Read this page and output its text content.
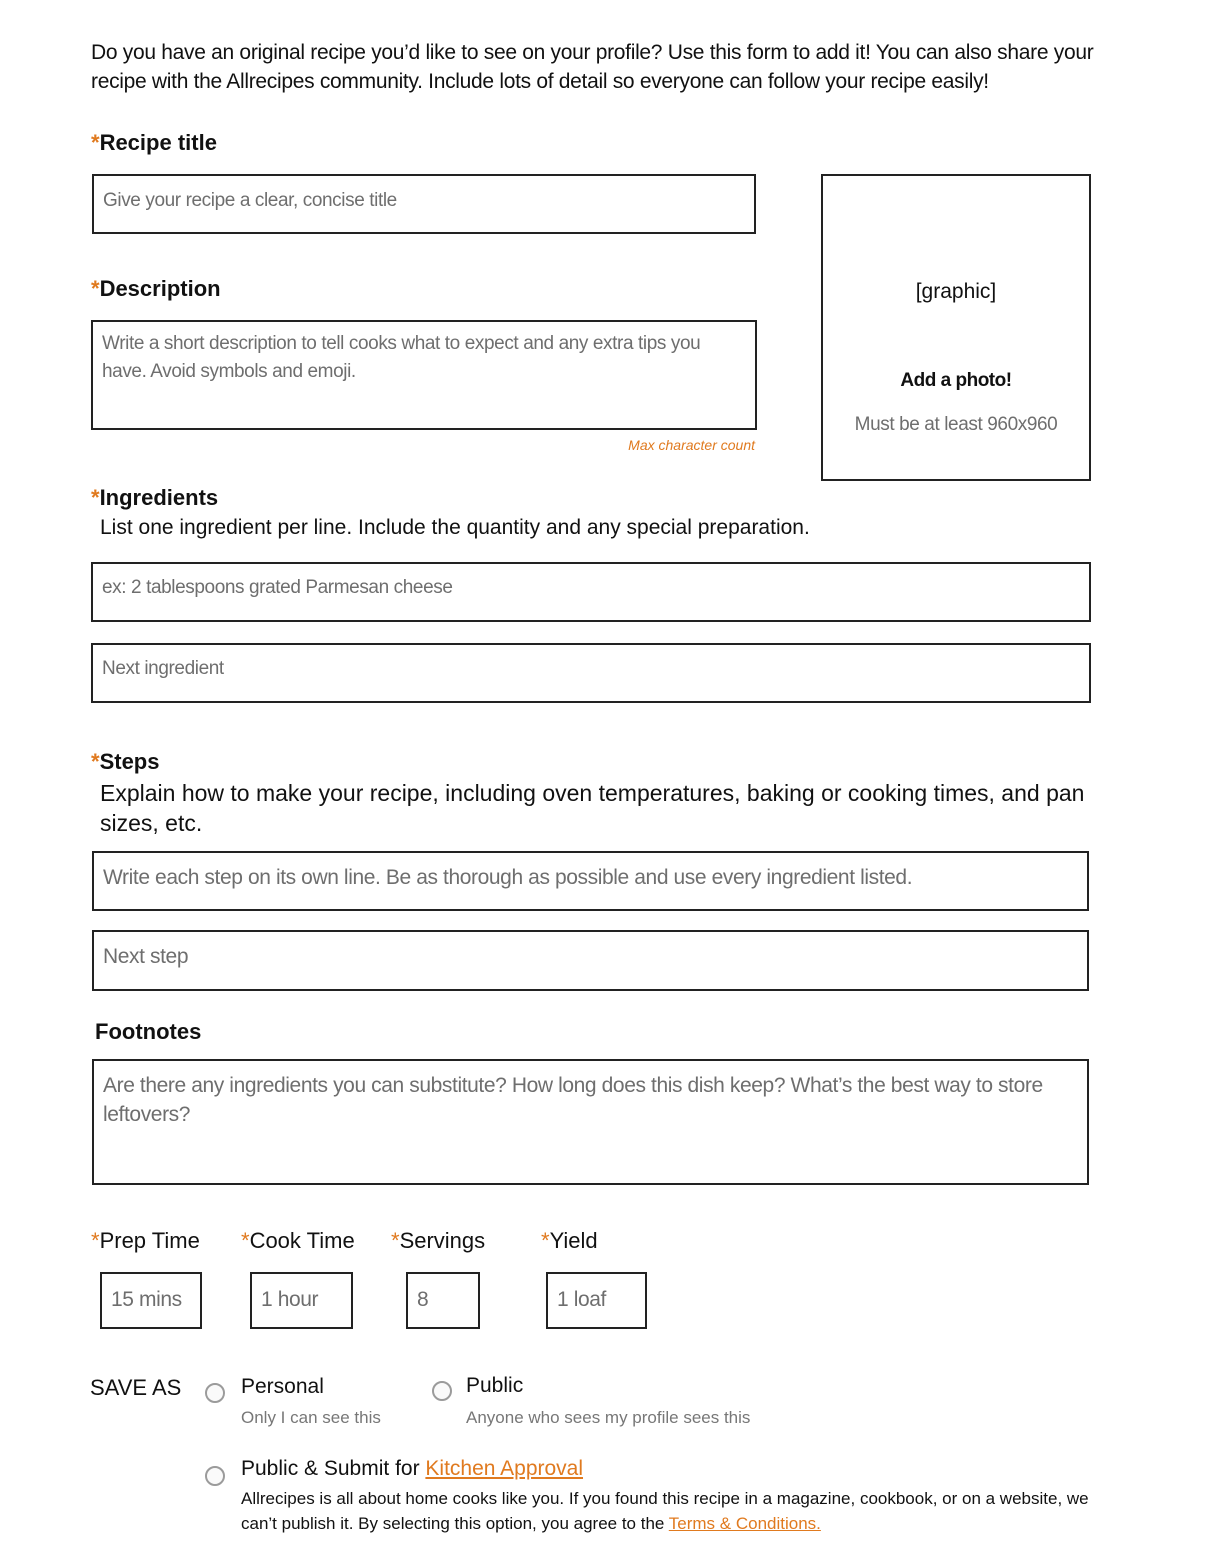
Do you have an original recipe you’d like to see on your profile? Use this form to add it! You can also share your recipe with the Allrecipes community. Include lots of detail so everyone can follow your recipe easily!
*Recipe title
Give your recipe a clear, concise title
*Description
Write a short description to tell cooks what to expect and any extra tips you have. Avoid symbols and emoji.
Max character count
[graphic]
Add a photo!
Must be at least 960x960
*Ingredients
List one ingredient per line. Include the quantity and any special preparation.
ex: 2 tablespoons grated Parmesan cheese
Next ingredient
*Steps
Explain how to make your recipe, including oven temperatures, baking or cooking times, and pan sizes, etc.
Write each step on its own line. Be as thorough as possible and use every ingredient listed.
Next step
Footnotes
Are there any ingredients you can substitute? How long does this dish keep? What’s the best way to store leftovers?
*Prep Time
15 mins
*Cook Time
1 hour
*Servings
8
*Yield
1 loaf
SAVE AS	Personal
Only I can see this
Public
Anyone who sees my profile sees this
Public & Submit for Kitchen Approval
Allrecipes is all about home cooks like you. If you found this recipe in a magazine, cookbook, or on a website, we can’t publish it. By selecting this option, you agree to the Terms & Conditions.
